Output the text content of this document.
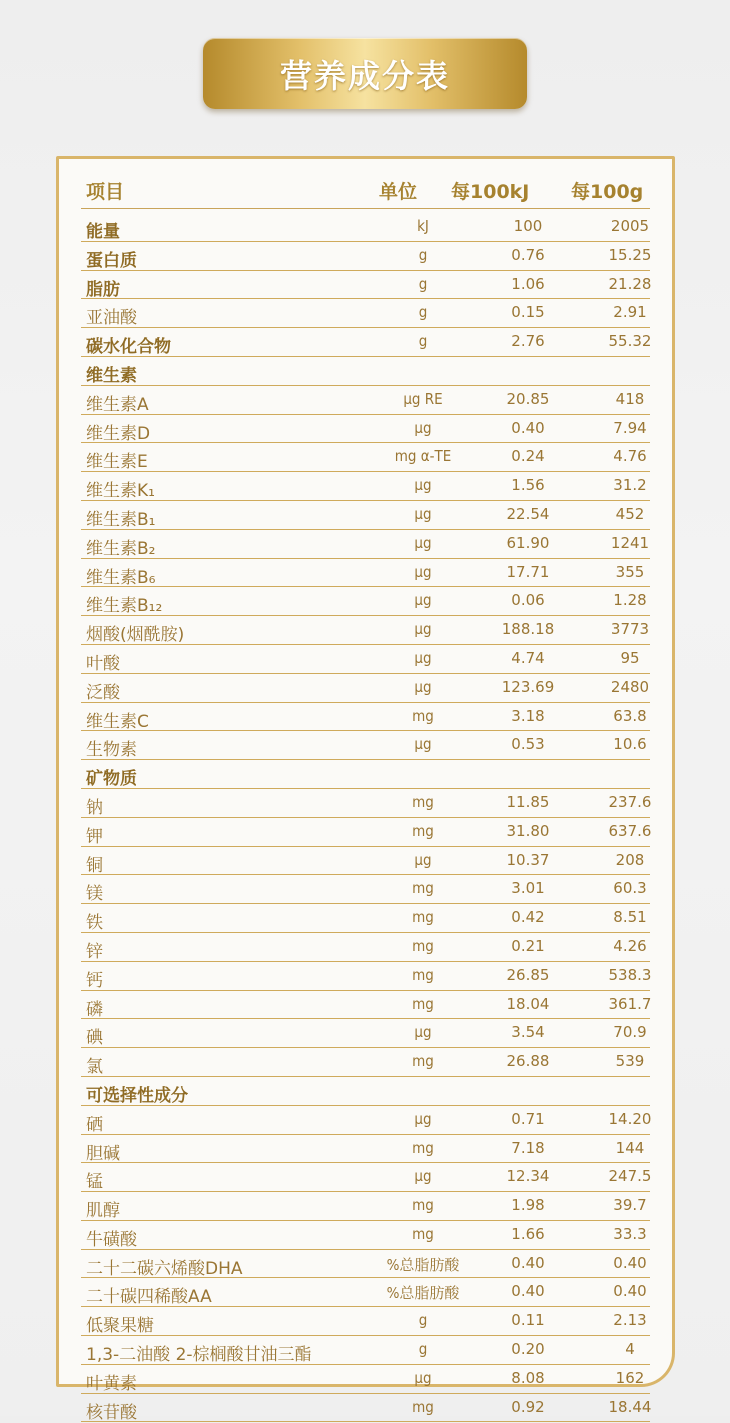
营养成分表
项目	单位 每100kJ 每100g
能量	kJ	100	2005
蛋白质	g	0.76	15.25
脂肪	g	1.06	21.28
亚油酸	g	0.15	2.91
碳水化合物	g	2.76	55.32
维生素
维生素A	μg RE	20.85	418
维生素D	μg	0.40	7.94
维生素E	mg α-TE	0.24	4.76
维生素K₁	μg	1.56	31.2
维生素B₁	μg	22.54	452
维生素B₂	μg	61.90	1241
维生素B₆	μg	17.71	355
维生素B₁₂	μg	0.06	1.28
烟酸(烟酰胺)	μg	188.18	3773
叶酸	μg	4.74	95
泛酸	μg	123.69	2480
维生素C	mg	3.18	63.8
生物素	μg	0.53	10.6
矿物质
钠	mg	11.85	237.6
钾	mg	31.80	637.6
铜	μg	10.37	208
镁	mg	3.01	60.3
铁	mg	0.42	8.51
锌	mg	0.21	4.26
钙	mg	26.85	538.3
磷	mg	18.04	361.7
碘	μg	3.54	70.9
氯	mg	26.88	539
可选择性成分
硒	μg	0.71	14.20
胆碱	mg	7.18	144
锰	μg	12.34	247.5
肌醇	mg	1.98	39.7
牛磺酸	mg	1.66	33.3
二十二碳六烯酸DHA	%总脂肪酸	0.40	0.40
二十碳四稀酸AA	%总脂肪酸	0.40	0.40
低聚果糖	g	0.11	2.13
1,3-二油酸 2-棕榈酸甘油三酯	g	0.20	4
叶黄素	μg	8.08	162
核苷酸	mg	0.92	18.44
